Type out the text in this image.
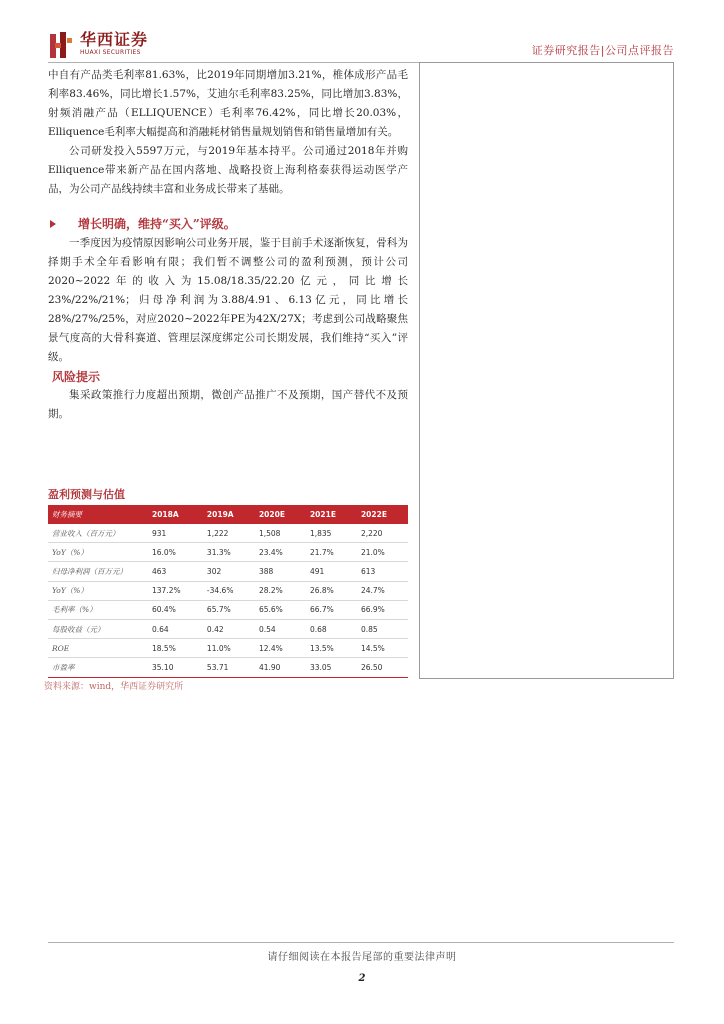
华西证券
HUAXI SECURITIES	证券研究报告|公司点评报告

中自有产品类毛利率81.63%，比2019年同期增加3.21%，椎体成形产品毛利率83.46%，同比增长1.57%，艾迪尔毛利率83.25%，同比增加3.83%，射频消融产品（ELLIQUENCE）毛利率76.42%，同比增长20.03%，Elliquence毛利率大幅提高和消融耗材销售量规划销售和销售量增加有关。

公司研发投入5597万元，与2019年基本持平。公司通过2018年并购Elliquence带来新产品在国内落地、战略投资上海利格泰获得运动医学产品，为公司产品线持续丰富和业务成长带来了基础。

增长明确，维持“买入”评级。

一季度因为疫情原因影响公司业务开展，鉴于目前手术逐渐恢复，骨科为择期手术全年看影响有限；我们暂不调整公司的盈利预测，预计公司2020~2022年的收入为15.08/18.35/22.20亿元，同比增长23%/22%/21%；归母净利润为3.88/4.91、6.13亿元，同比增长28%/27%/25%，对应2020~2022年PE为42X/27X；考虑到公司战略聚焦景气度高的大骨科赛道、管理层深度绑定公司长期发展，我们维持“买入”评级。

风险提示

集采政策推行力度超出预期，微创产品推广不及预期，国产替代不及预期。

盈利预测与估值
财务摘要	2018A	2019A	2020E	2021E	2022E
营业收入（百万元）	931	1,222	1,508	1,835	2,220
YoY（%）	16.0%	31.3%	23.4%	21.7%	21.0%
归母净利润（百万元）	463	302	388	491	613
YoY（%）	137.2%	-34.6%	28.2%	26.8%	24.7%
毛利率（%）	60.4%	65.7%	65.6%	66.7%	66.9%
每股收益（元）	0.64	0.42	0.54	0.68	0.85
ROE	18.5%	11.0%	12.4%	13.5%	14.5%
市盈率	35.10	53.71	41.90	33.05	26.50
资料来源：wind，华西证券研究所
请仔细阅读在本报告尾部的重要法律声明
2
